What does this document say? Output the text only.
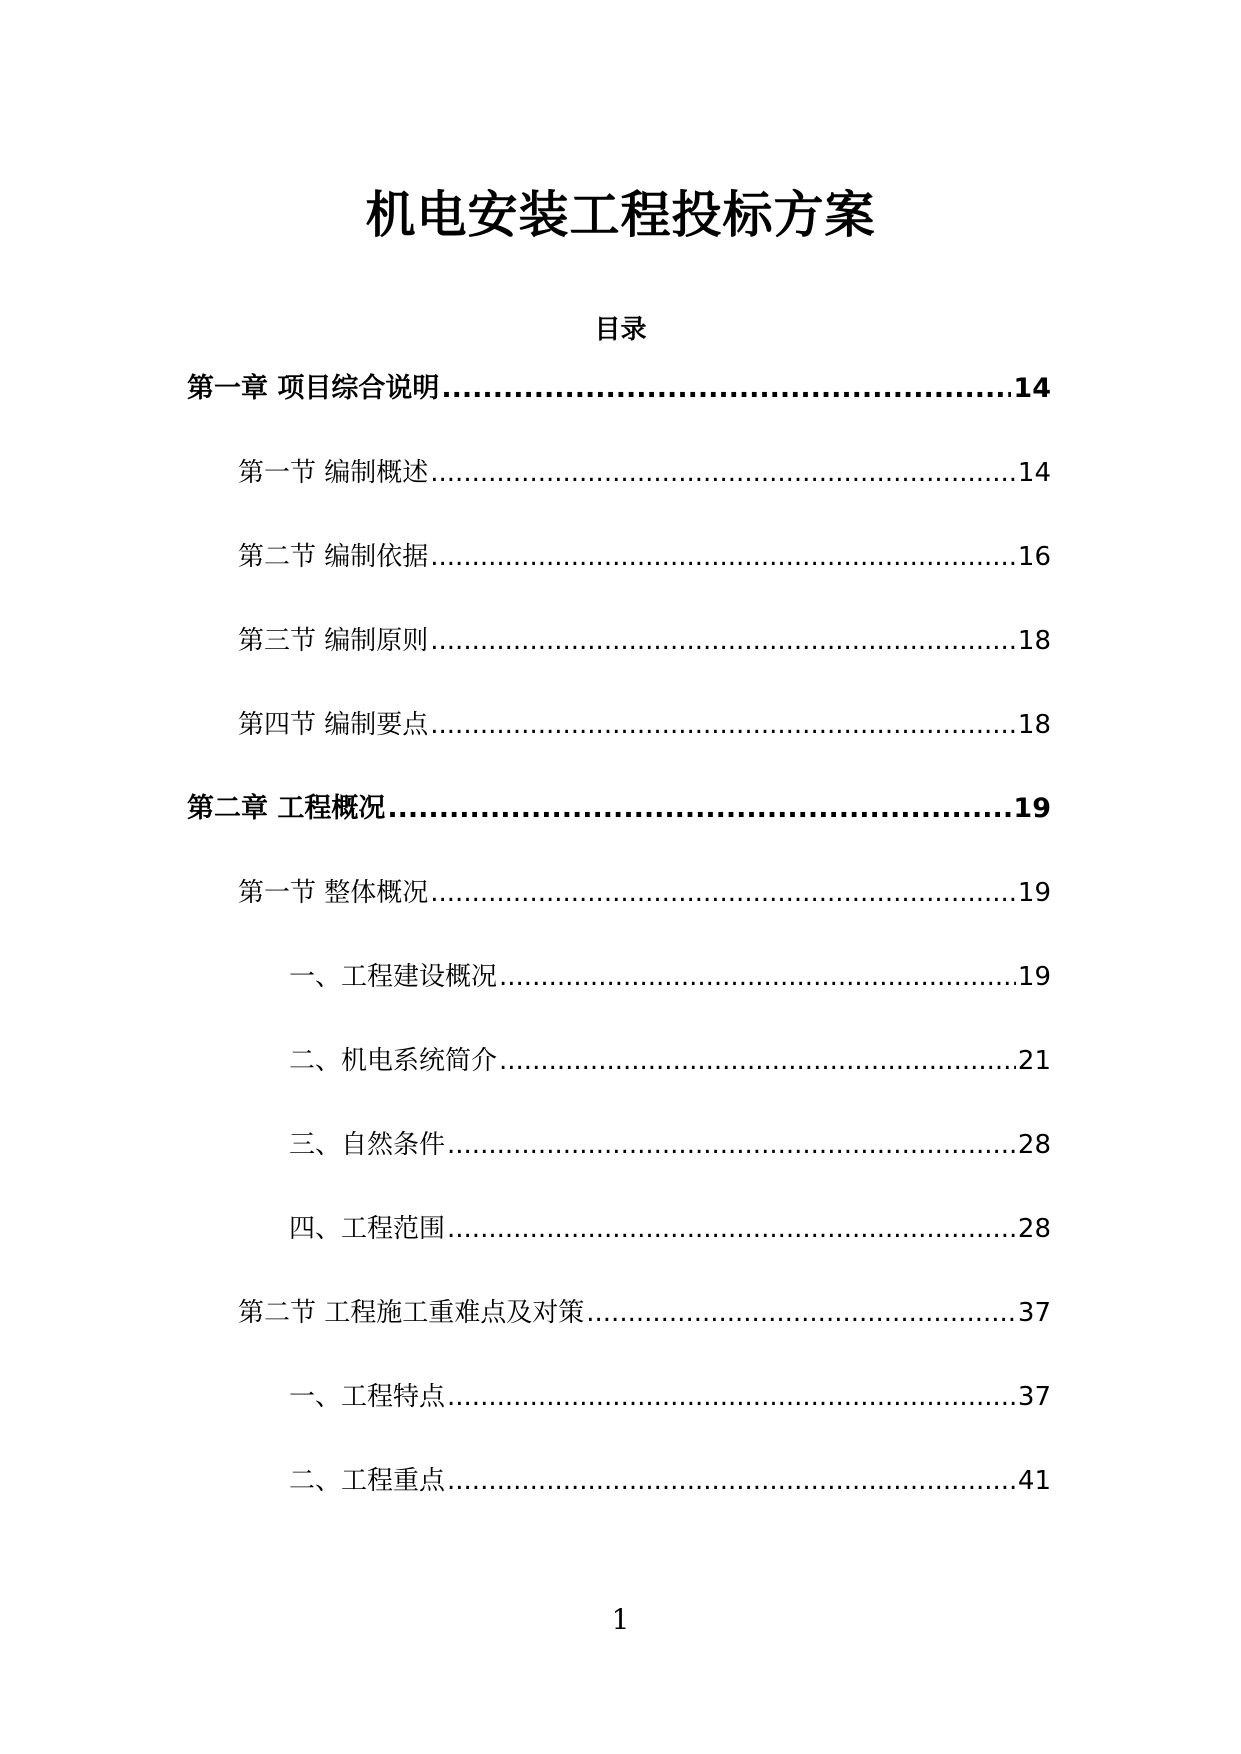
机电安装工程投标方案
目录
第一章 项目综合说明 .....	14
第一节 编制概述 .....	14
第二节 编制依据 .....	16
第三节 编制原则 .....	18
第四节 编制要点 .....	18
第二章 工程概况 .....	19
第一节 整体概况 .....	19
一、工程建设概况 .....	19
二、机电系统简介 .....	21
三、自然条件 .....	28
四、工程范围 .....	28
第二节 工程施工重难点及对策 .....	37
一、工程特点 .....	37
二、工程重点 .....	41

1
